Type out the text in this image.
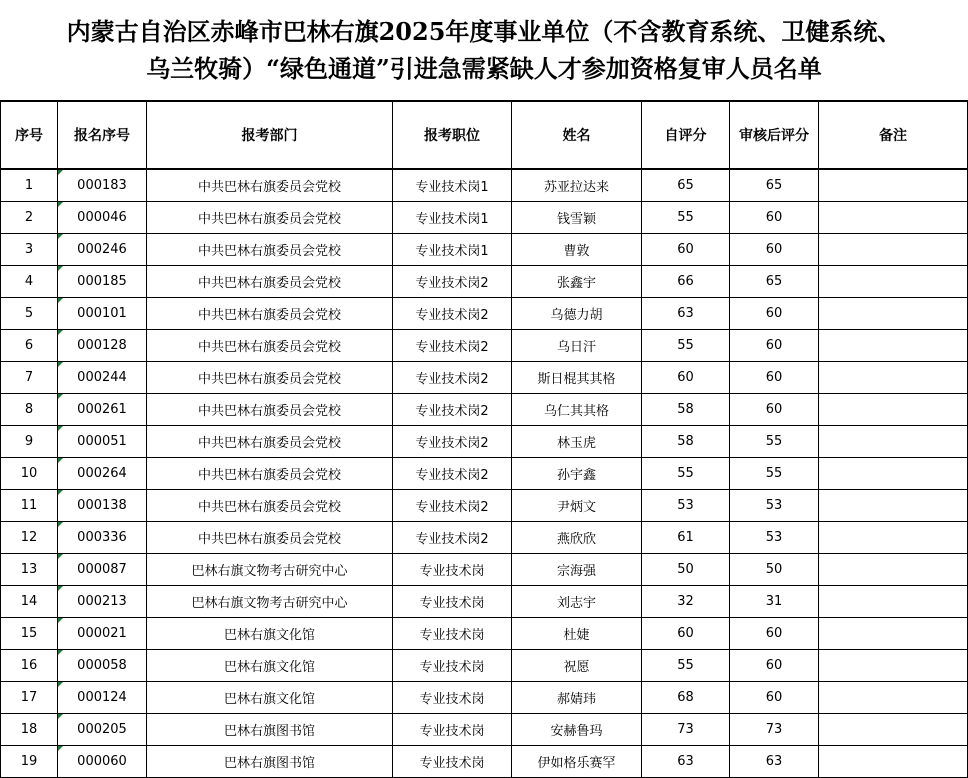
内蒙古自治区赤峰市巴林右旗2025年度事业单位（不含教育系统、卫健系统、
乌兰牧骑）“绿色通道”引进急需紧缺人才参加资格复审人员名单
序号	报名序号	报考部门	报考职位	姓名	自评分	审核后评分	备注
1	000183	中共巴林右旗委员会党校	专业技术岗1	苏亚拉达来	65	65	
2	000046	中共巴林右旗委员会党校	专业技术岗1	钱雪颖	55	60	
3	000246	中共巴林右旗委员会党校	专业技术岗1	曹敦	60	60	
4	000185	中共巴林右旗委员会党校	专业技术岗2	张鑫宇	66	65	
5	000101	中共巴林右旗委员会党校	专业技术岗2	乌德力胡	63	60	
6	000128	中共巴林右旗委员会党校	专业技术岗2	乌日汗	55	60	
7	000244	中共巴林右旗委员会党校	专业技术岗2	斯日棍其其格	60	60	
8	000261	中共巴林右旗委员会党校	专业技术岗2	乌仁其其格	58	60	
9	000051	中共巴林右旗委员会党校	专业技术岗2	林玉虎	58	55	
10	000264	中共巴林右旗委员会党校	专业技术岗2	孙宇鑫	55	55	
11	000138	中共巴林右旗委员会党校	专业技术岗2	尹炳文	53	53	
12	000336	中共巴林右旗委员会党校	专业技术岗2	燕欣欣	61	53	
13	000087	巴林右旗文物考古研究中心	专业技术岗	宗海强	50	50	
14	000213	巴林右旗文物考古研究中心	专业技术岗	刘志宇	32	31	
15	000021	巴林右旗文化馆	专业技术岗	杜婕	60	60	
16	000058	巴林右旗文化馆	专业技术岗	祝愿	55	60	
17	000124	巴林右旗文化馆	专业技术岗	郝婧玮	68	60	
18	000205	巴林右旗图书馆	专业技术岗	安赫鲁玛	73	73	
19	000060	巴林右旗图书馆	专业技术岗	伊如格乐赛罕	63	63	
